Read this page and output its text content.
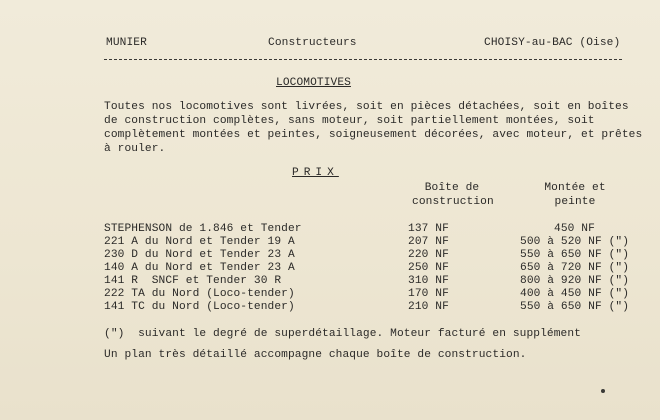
MUNIER	Constructeurs	CHOISY-au-BAC (Oise)
LOCOMOTIVES
Toutes nos locomotives sont livrées, soit en pièces détachées, soit en boîtes
de construction complètes, sans moteur, soit partiellement montées, soit
complètement montées et peintes, soigneusement décorées, avec moteur, et prêtes
à rouler.
PRIX
Boîte de
construction
Montée et
peinte
STEPHENSON de 1.846 et Tender	137 NF	450 NF
221 A du Nord et Tender 19 A	207 NF	500 à 520 NF (")
230 D du Nord et Tender 23 A	220 NF	550 à 650 NF (")
140 A du Nord et Tender 23 A	250 NF	650 à 720 NF (")
141 R  SNCF et Tender 30 R	310 NF	800 à 920 NF (")
222 TA du Nord (Loco-tender)	170 NF	400 à 450 NF (")
141 TC du Nord (Loco-tender)	210 NF	550 à 650 NF (")
(")  suivant le degré de superdétaillage. Moteur facturé en supplément
Un plan très détaillé accompagne chaque boîte de construction.
